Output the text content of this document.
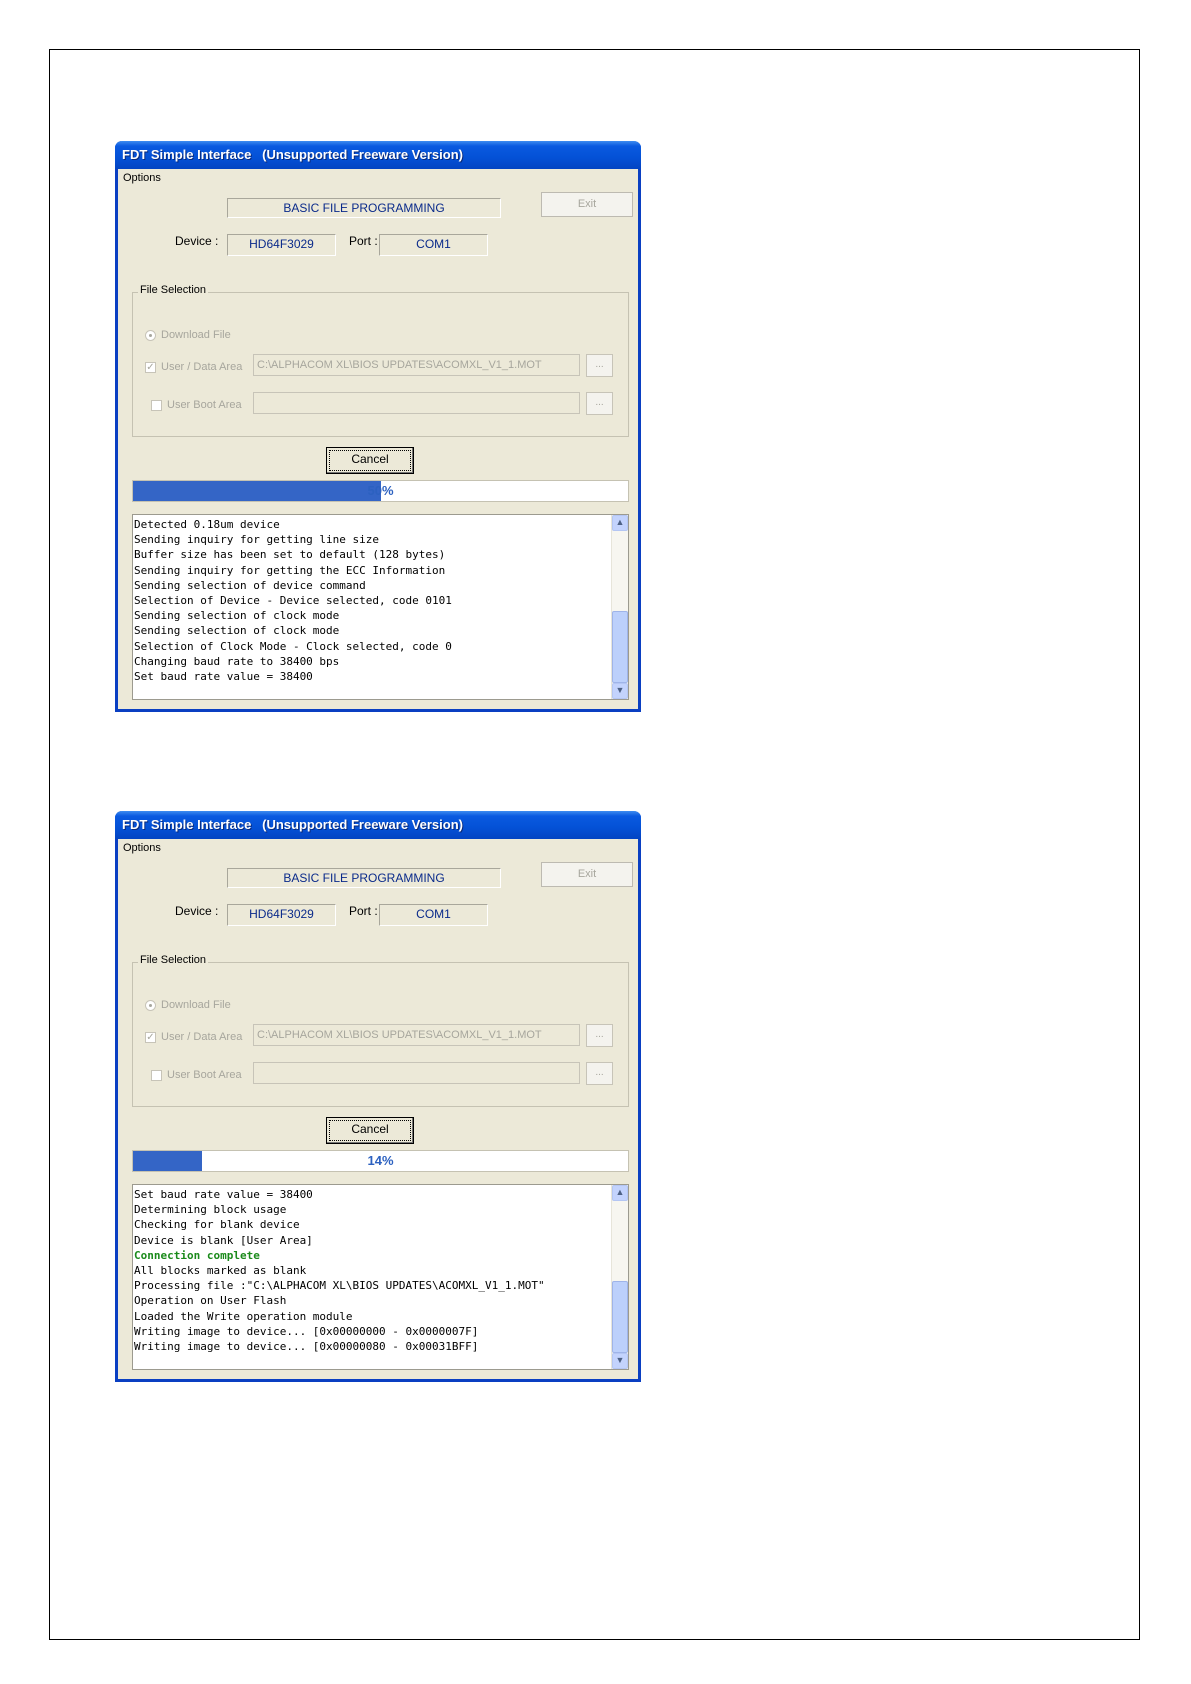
FDT Simple Interface   (Unsupported Freeware Version)
Options
BASIC FILE PROGRAMMING	Exit
Device :	HD64F3029	Port :	COM1
File Selection
Download File
✓ User / Data Area	C:\ALPHACOM XL\BIOS UPDATES\ACOMXL_V1_1.MOT	...
User Boot Area	...
Cancel
50%
Detected 0.18um device
Sending inquiry for getting line size
Buffer size has been set to default (128 bytes)
Sending inquiry for getting the ECC Information
Sending selection of device command
Selection of Device - Device selected, code 0101
Sending selection of clock mode
Sending selection of clock mode
Selection of Clock Mode - Clock selected, code 0
Changing baud rate to 38400 bps
Set baud rate value = 38400
▲
▼
FDT Simple Interface   (Unsupported Freeware Version)
Options
BASIC FILE PROGRAMMING	Exit
Device :	HD64F3029	Port :	COM1
File Selection
Download File
✓ User / Data Area	C:\ALPHACOM XL\BIOS UPDATES\ACOMXL_V1_1.MOT	...
User Boot Area	...
Cancel
14%
Set baud rate value = 38400
Determining block usage
Checking for blank device
Device is blank [User Area]
Connection complete
All blocks marked as blank
Processing file :"C:\ALPHACOM XL\BIOS UPDATES\ACOMXL_V1_1.MOT"
Operation on User Flash
Loaded the Write operation module
Writing image to device... [0x00000000 - 0x0000007F]
Writing image to device... [0x00000080 - 0x00031BFF]
▲
▼
